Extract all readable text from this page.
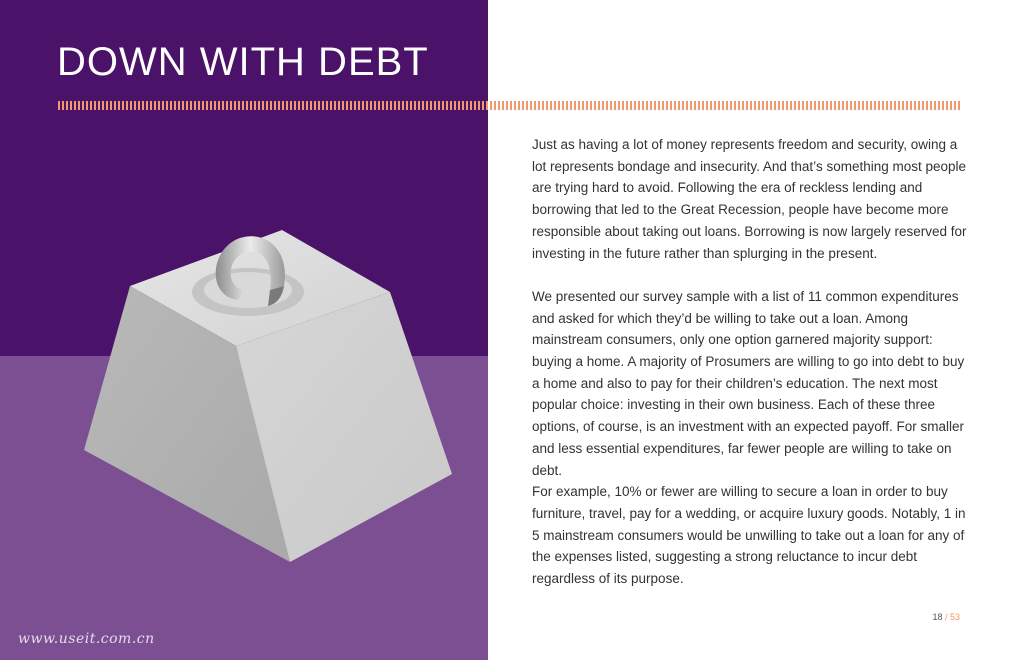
DOWN WITH DEBT

Just as having a lot of money represents freedom and security, owing a lot represents bondage and insecurity. And that’s something most people are trying hard to avoid. Following the era of reckless lending and borrowing that led to the Great Recession, people have become more responsible about taking out loans. Borrowing is now largely reserved for investing in the future rather than splurging in the present.

We presented our survey sample with a list of 11 common expenditures and asked for which they’d be willing to take out a loan. Among mainstream consumers, only one option garnered majority support: buying a home. A majority of Prosumers are willing to go into debt to buy a home and also to pay for their children’s education. The next most popular choice: investing in their own business. Each of these three options, of course, is an investment with an expected payoff. For smaller and less essential expenditures, far fewer people are willing to take on debt.

For example, 10% or fewer are willing to secure a loan in order to buy furniture, travel, pay for a wedding, or acquire luxury goods. Notably, 1 in 5 mainstream consumers would be unwilling to take out a loan for any of the expenses listed, suggesting a strong reluctance to incur debt regardless of its purpose.

18 / 53
www.useit.com.cn
